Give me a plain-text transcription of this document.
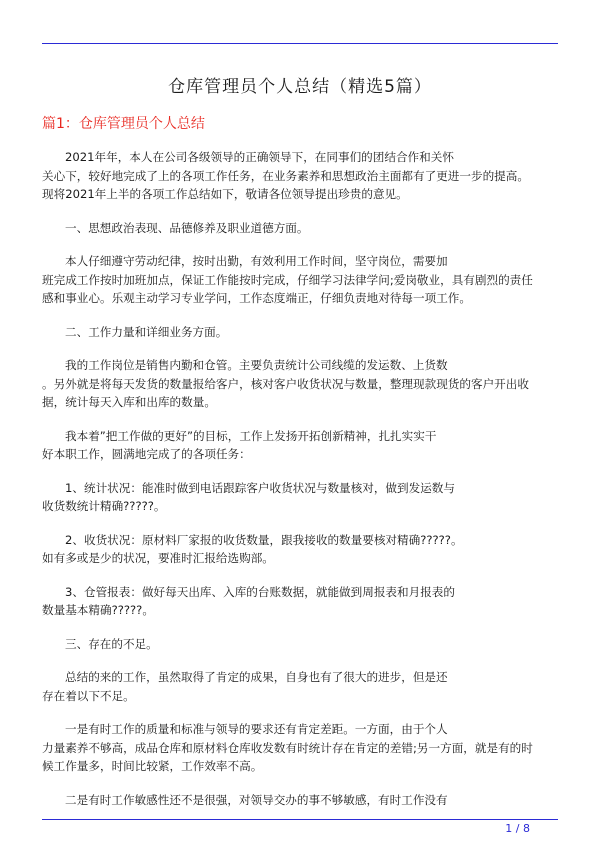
仓库管理员个人总结（精选5篇）
篇1：仓库管理员个人总结

2021年年，本人在公司各级领导的正确领导下，在同事们的团结合作和关怀
关心下，较好地完成了上的各项工作任务，在业务素养和思想政治主面都有了更进一步的提高。
现将2021年上半的各项工作总结如下，敬请各位领导提出珍贵的意见。

一、思想政治表现、品德修养及职业道德方面。

本人仔细遵守劳动纪律，按时出勤，有效利用工作时间，坚守岗位，需要加
班完成工作按时加班加点，保证工作能按时完成，仔细学习法律学问;爱岗敬业，具有剧烈的责任
感和事业心。乐观主动学习专业学问，工作态度端正，仔细负责地对待每一项工作。

二、工作力量和详细业务方面。

我的工作岗位是销售内勤和仓管。主要负责统计公司线缆的发运数、上货数
。另外就是将每天发货的数量报给客户，核对客户收货状况与数量，整理现款现货的客户开出收
据，统计每天入库和出库的数量。

我本着”把工作做的更好”的目标，工作上发扬开拓创新精神，扎扎实实干
好本职工作，圆满地完成了的各项任务：

1、统计状况：能准时做到电话跟踪客户收货状况与数量核对，做到发运数与
收货数统计精确?????。

2、收货状况：原材料厂家报的收货数量，跟我接收的数量要核对精确?????。
如有多或是少的状况，要准时汇报给选购部。

3、仓管报表：做好每天出库、入库的台账数据，就能做到周报表和月报表的
数量基本精确?????。

三、存在的不足。

总结的来的工作，虽然取得了肯定的成果，自身也有了很大的进步，但是还
存在着以下不足。

一是有时工作的质量和标准与领导的要求还有肯定差距。一方面，由于个人
力量素养不够高，成品仓库和原材料仓库收发数有时统计存在肯定的差错;另一方面，就是有的时
候工作量多，时间比较紧，工作效率不高。

二是有时工作敏感性还不是很强，对领导交办的事不够敏感，有时工作没有

1 / 8
